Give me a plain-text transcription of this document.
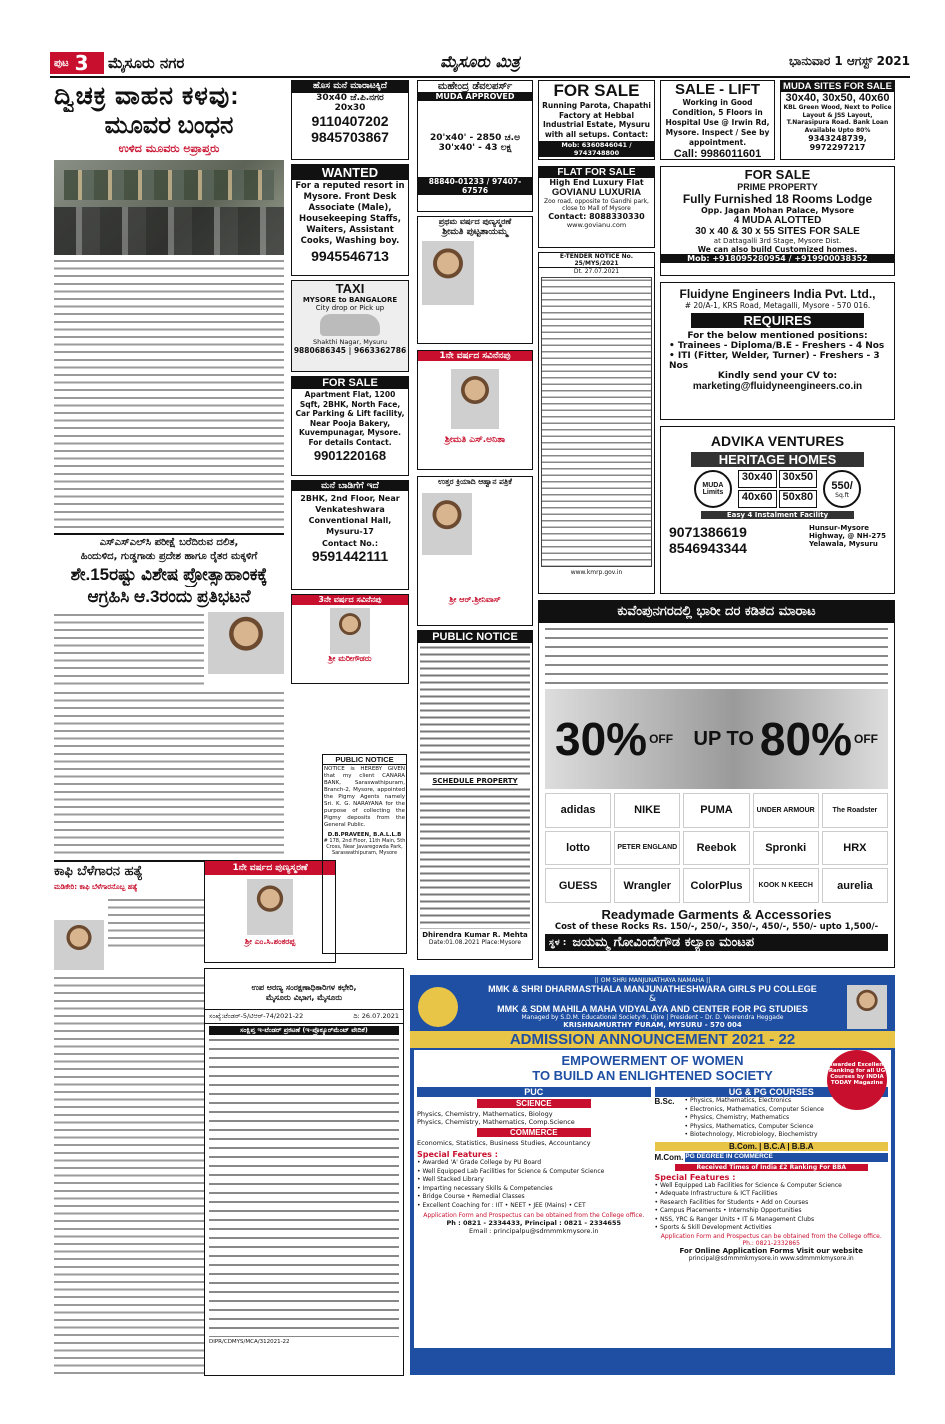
ಪುಟ 3 ಮೈಸೂರು ನಗರ	ಮೈಸೂರು ಮಿತ್ರ	ಭಾನುವಾರ 1 ಆಗಸ್ಟ್ 2021
ದ್ವಿಚಕ್ರ ವಾಹನ ಕಳವು:
ಮೂವರ ಬಂಧನ
ಉಳಿದ ಮೂವರು ಅಪ್ರಾಪ್ತರು
ಎಸ್‌ಎಸ್‌ಎಲ್‌ಸಿ ಪರೀಕ್ಷೆ ಬರೆದಿರುವ ದಲಿತ,
ಹಿಂದುಳಿದ, ಗುಡ್ಡಗಾಡು ಪ್ರದೇಶ ಹಾಗೂ ರೈತರ ಮಕ್ಕಳಿಗೆ
ಶೇ.15ರಷ್ಟು ವಿಶೇಷ ಪ್ರೋತ್ಸಾಹಾಂಕಕ್ಕೆ
ಆಗ್ರಹಿಸಿ ಆ.3ರಂದು ಪ್ರತಿಭಟನೆ
ಕಾಫಿ ಬೆಳೆಗಾರನ ಹತ್ಯೆ
ಮಡಿಕೇರಿ: ಕಾಫಿ ಬೆಳೆಗಾರನೊಬ್ಬ ಹತ್ಯೆ
1ನೇ ವರ್ಷದ ಪುಣ್ಯಸ್ಮರಣೆ
ಶ್ರೀ ಎಂ.ಸಿ.ಶಂಕರಪ್ಪ
ಹೊಸ ಮನೆ ಮಾರಾಟಕ್ಕಿದೆ
30x40 ಜೆ.ಪಿ.ನಗರ
20x30
9110407202
9845703867
WANTED
For a reputed resort in Mysore. Front Desk Associate (Male), Housekeeping Staffs, Waiters, Assistant Cooks, Washing boy.
9945546713
TAXI
MYSORE to BANGALORE
City drop or Pick up
Shakthi Nagar, Mysuru
9880686345 | 9663362786
FOR SALE
Apartment Flat, 1200 Sqft, 2BHK, North Face, Car Parking & Lift facility, Near Pooja Bakery, Kuvempunagar, Mysore. For details Contact.
9901220168
ಮನೆ ಬಾಡಿಗೆಗೆ ಇದೆ
2BHK, 2nd Floor, Near Venkateshwara Conventional Hall, Mysuru-17
Contact No.:
9591442111
3ನೇ ವರ್ಷದ ಸವಿನೆನಪು
ಶ್ರೀ ಮರೀಗೌಡರು
PUBLIC NOTICE
NOTICE is HEREBY GIVEN that my client CANARA BANK, Saraswathipuram, Branch-2, Mysore, appointed the Pigmy Agents namely Sri. K. G. NARAYANA for the purpose of collecting the Pigmy deposits from the General Public.
D.B.PRAVEEN, B.A.L.L.B
# 178, 2nd Floor, 11th Main, 5th Cross, Near Javaregowda Park, Saraswathipuram, Mysore
ಮಹೇಂದ್ರ ಡೆವಲಪರ್ಸ್
MUDA APPROVED
20'x40' - 2850 ಚ.ಅ
30'x40' - 43 ಲಕ್ಷ
88840-01233 / 97407-67576
ಪ್ರಥಮ ವರ್ಷದ ಪುಣ್ಯಸ್ಮರಣೆ
ಶ್ರೀಮತಿ ಪುಟ್ಟತಾಯಮ್ಮ
1ನೇ ವರ್ಷದ ಸವಿನೆನಪು
ಶ್ರೀಮತಿ ಎಸ್.ಅನಿತಾ
ಉತ್ತರ ಕ್ರಿಯಾದಿ ಆಹ್ವಾನ ಪತ್ರಿಕೆ
ಶ್ರೀ ಆರ್.ಶ್ರೀನಿವಾಸ್
PUBLIC NOTICE
SCHEDULE PROPERTY
Dhirendra Kumar R. Mehta
Date:01.08.2021 Place:Mysore
FOR SALE
Running Parota, Chapathi Factory at Hebbal Industrial Estate, Mysuru with all setups. Contact:
Mob: 6360846041 / 9743748800
FLAT FOR SALE
High End Luxury Flat
GOVIANU LUXURIA
Zoo road, opposite to Gandhi park, close to Mall of Mysore
Contact: 8088330330
www.govianu.com
E-TENDER NOTICE No. 25/MYS/2021
Dt. 27.07.2021
www.kmrp.gov.in
SALE - LIFT
Working in Good Condition, 5 Floors in Hospital Use @ Irwin Rd, Mysore. Inspect / See by appointment.
Call: 9986011601
MUDA SITES FOR SALE
30x40, 30x50, 40x60
KBL Green Wood, Next to Police Layout & JSS Layout, T.Narasipura Road. Bank Loan Available Upto 80%
9343248739, 9972297217
FOR SALE
PRIME PROPERTY
Fully Furnished 18 Rooms Lodge
Opp. Jagan Mohan Palace, Mysore
4 MUDA ALOTTED
30 x 40 & 30 x 55 SITES FOR SALE
at Dattagalli 3rd Stage, Mysore Dist.
We can also build Customized homes.
Mob: +918095280954 / +919900038352
Fluidyne Engineers India Pvt. Ltd.,
# 20/A-1, KRS Road, Metagalli, Mysore - 570 016.
REQUIRES
For the below mentioned positions:
• Trainees - Diploma/B.E - Freshers - 4 Nos
• ITI (Fitter, Welder, Turner) - Freshers - 3 Nos
Kindly send your CV to:
marketing@fluidyneengineers.co.in
ADVIKA VENTURES
HERITAGE HOMES
MUDA Limits
30x40 30x50
40x60 50x80
550/
Sq.ft
Easy 4 Instalment Facility
9071386619
8546943344
Hunsur-Mysore
Highway, @ NH-275
Yelawala, Mysuru
ಕುವೆಂಪುನಗರದಲ್ಲಿ ಭಾರೀ ದರ ಕಡಿತದ ಮಾರಾಟ
30% OFF UP TO 80% OFF
adidas	NIKE	PUMA	UNDER ARMOUR	The Roadster
lotto	PETER ENGLAND	Reebok	Spronki	HRX
GUESS	Wrangler	ColorPlus	KOOK N KEECH	aurelia
Readymade Garments & Accessories
Cost of these Rocks Rs. 150/-, 250/-, 350/-, 450/-, 550/- upto 1,500/-
ಸ್ಥಳ : ಜಯಮ್ಮ ಗೋವಿಂದೇಗೌಡ ಕಲ್ಯಾಣ ಮಂಟಪ
ಉಪ ಅರಣ್ಯ ಸಂರಕ್ಷಣಾಧಿಕಾರಿಗಳ ಕಛೇರಿ,
ಮೈಸೂರು ವಿಭಾಗ, ಮೈಸೂರು
ಸಂಖ್ಯೆ:ಟೆಂಡರ್-5/ಟಿಆರ್-74/2021-22	ದಿ: 26.07.2021
ಸಂಕ್ಷಿಪ್ತ ಇ-ಟೆಂಡರ್ ಪ್ರಕಟಣೆ (ಇ-ಪ್ರೊಕ್ಯೂರ್‌ಮೆಂಟ್ ವೇದಿಕೆ)
DIPR/CDMYS/MCA/312021-22
|| OM SHRI MANJUNATHAYA NAMAHA ||
MMK & SHRI DHARMASTHALA MANJUNATHESHWARA GIRLS PU COLLEGE
&
MMK & SDM MAHILA MAHA VIDYALAYA AND CENTER FOR PG STUDIES
Managed by S.D.M. Educational Society®, Ujire | President – Dr. D. Veerendra Heggade
KRISHNAMURTHY PURAM, MYSURU - 570 004
ADMISSION ANNOUNCEMENT 2021 - 22
EMPOWERMENT OF WOMEN
TO BUILD AN ENLIGHTENED SOCIETY
PUC
SCIENCE
Physics, Chemistry, Mathematics, Biology
Physics, Chemistry, Mathematics, Comp.Science
COMMERCE
Economics, Statistics, Business Studies, Accountancy
Special Features :
• Awarded 'A' Grade College by PU Board
• Well Equipped Lab Facilities for Science & Computer Science
• Well Stacked Library
• Imparting necessary Skills & Competencies
• Bridge Course • Remedial Classes
• Excellent Coaching for : IIT • NEET • JEE (Mains) • CET
Application Form and Prospectus can be obtained from the College office.
Ph : 0821 - 2334433, Principal : 0821 - 2334655
Email : principalpu@sdmmmkmysore.in
UG & PG COURSES
B.Sc.	• Physics, Mathematics, Electronics
• Electronics, Mathematics, Computer Science
• Physics, Chemistry, Mathematics
• Physics, Mathematics, Computer Science
• Biotechnology, Microbiology, Biochemistry
B.Com. | B.C.A | B.B.A
M.Com. PG DEGREE IN COMMERCE
Received Times of India £2 Ranking For BBA
Special Features :
• Well Equipped Lab Facilities for Science & Computer Science
• Adequate Infrastructure & ICT Facilities
• Research Facilities for Students • Add on Courses
• Campus Placements • Internship Opportunities
• NSS, YRC & Ranger Units • IT & Management Clubs
• Sports & Skill Development Activities
Application Form and Prospectus can be obtained from the College office. Ph.: 0821-2332865
For Online Application Forms Visit our website
principal@sdmmmkmysore.in www.sdmmmkmysore.in
Awarded Excellent Ranking for all UG Courses by INDIA TODAY Magazine
